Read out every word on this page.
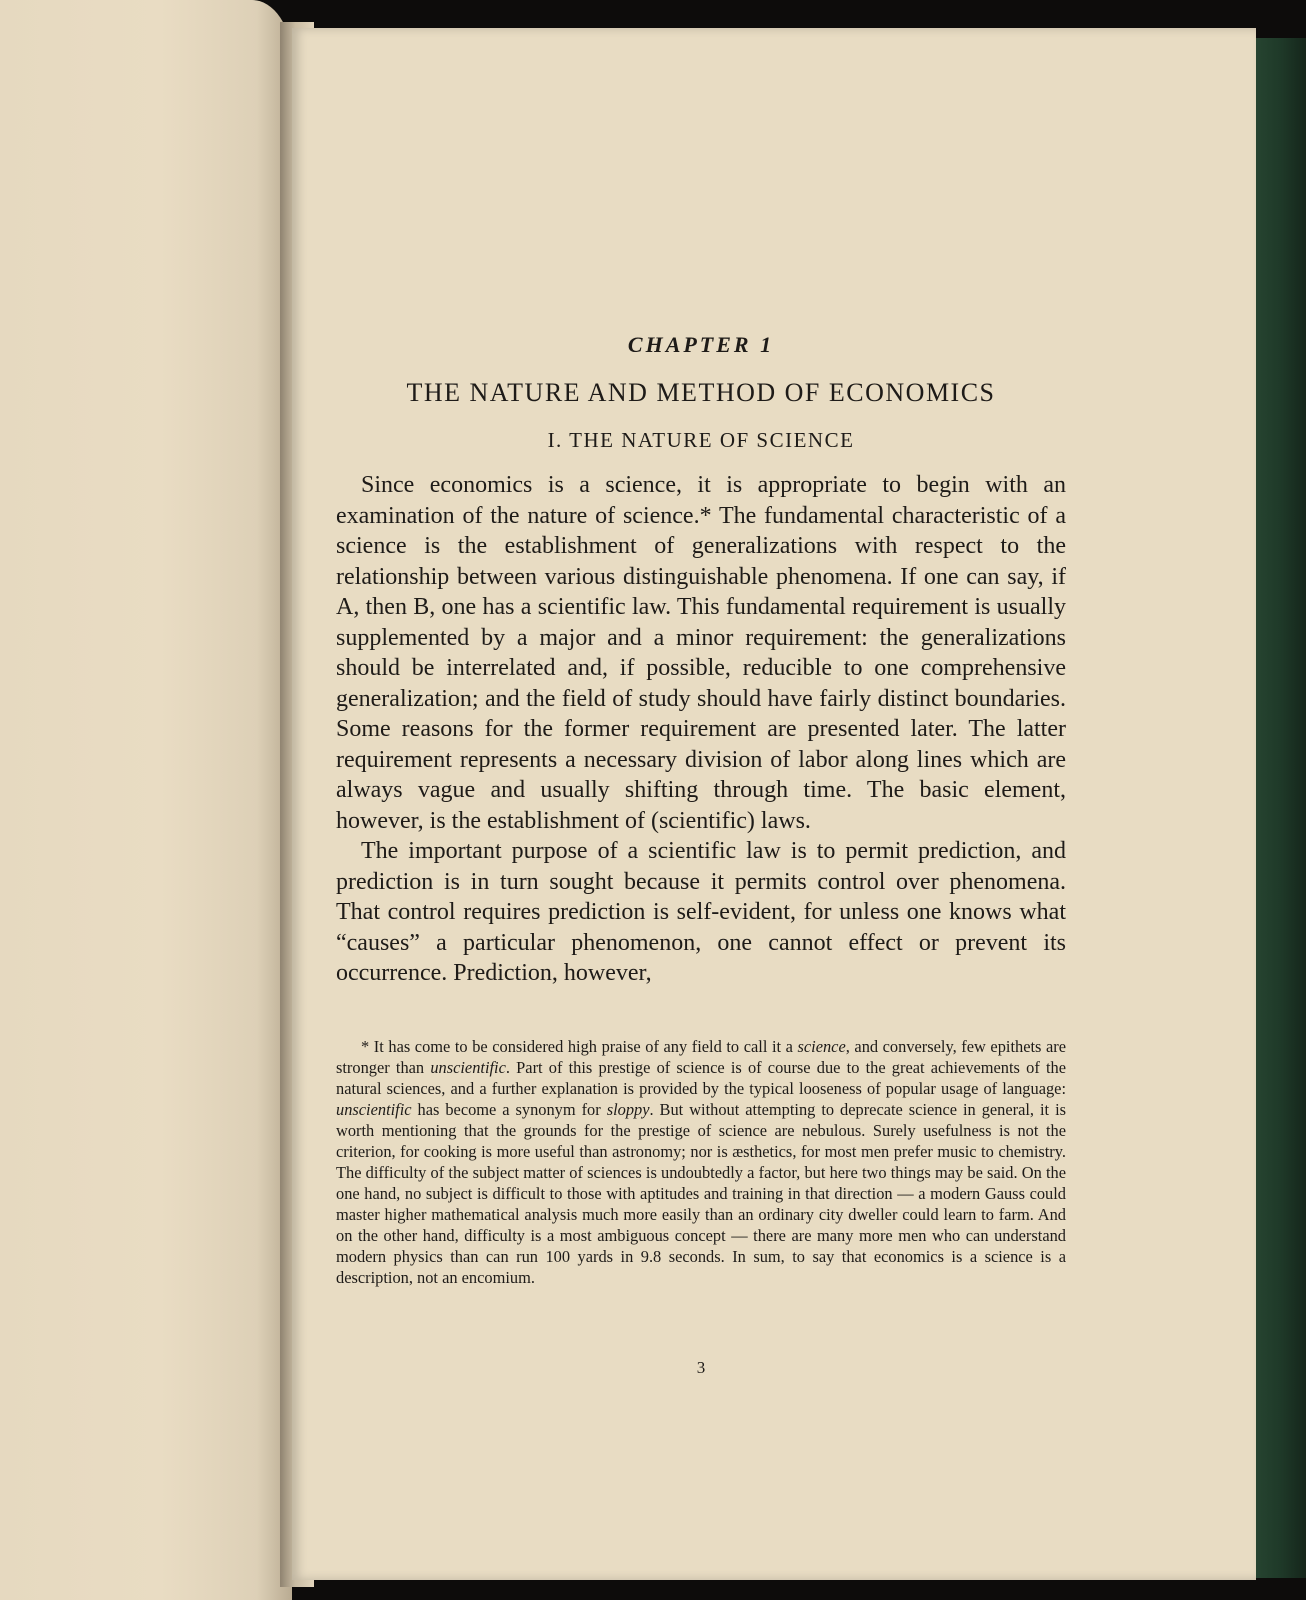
CHAPTER 1
THE NATURE AND METHOD OF ECONOMICS
I. THE NATURE OF SCIENCE

Since economics is a science, it is appropriate to begin with an examination of the nature of science.* The fundamental characteristic of a science is the establishment of generalizations with respect to the relationship between various distinguishable phenomena. If one can say, if A, then B, one has a scientific law. This fundamental requirement is usually supplemented by a major and a minor requirement: the generalizations should be interrelated and, if possible, reducible to one comprehensive generalization; and the field of study should have fairly distinct boundaries. Some reasons for the former requirement are presented later. The latter requirement represents a necessary division of labor along lines which are always vague and usually shifting through time. The basic element, however, is the establishment of (scientific) laws.

The important purpose of a scientific law is to permit prediction, and prediction is in turn sought because it permits control over phenomena. That control requires prediction is self-evident, for unless one knows what “causes” a particular phenomenon, one cannot effect or prevent its occurrence. Prediction, however,

* It has come to be considered high praise of any field to call it a science, and conversely, few epithets are stronger than unscientific. Part of this prestige of science is of course due to the great achievements of the natural sciences, and a further explanation is provided by the typical looseness of popular usage of language: unscientific has become a synonym for sloppy. But without attempting to deprecate science in general, it is worth mentioning that the grounds for the prestige of science are nebulous. Surely usefulness is not the criterion, for cooking is more useful than astronomy; nor is æsthetics, for most men prefer music to chemistry. The difficulty of the subject matter of sciences is undoubtedly a factor, but here two things may be said. On the one hand, no subject is difficult to those with aptitudes and training in that direction — a modern Gauss could master higher mathematical analysis much more easily than an ordinary city dweller could learn to farm. And on the other hand, difficulty is a most ambiguous concept — there are many more men who can understand modern physics than can run 100 yards in 9.8 seconds. In sum, to say that economics is a science is a description, not an encomium.

3
